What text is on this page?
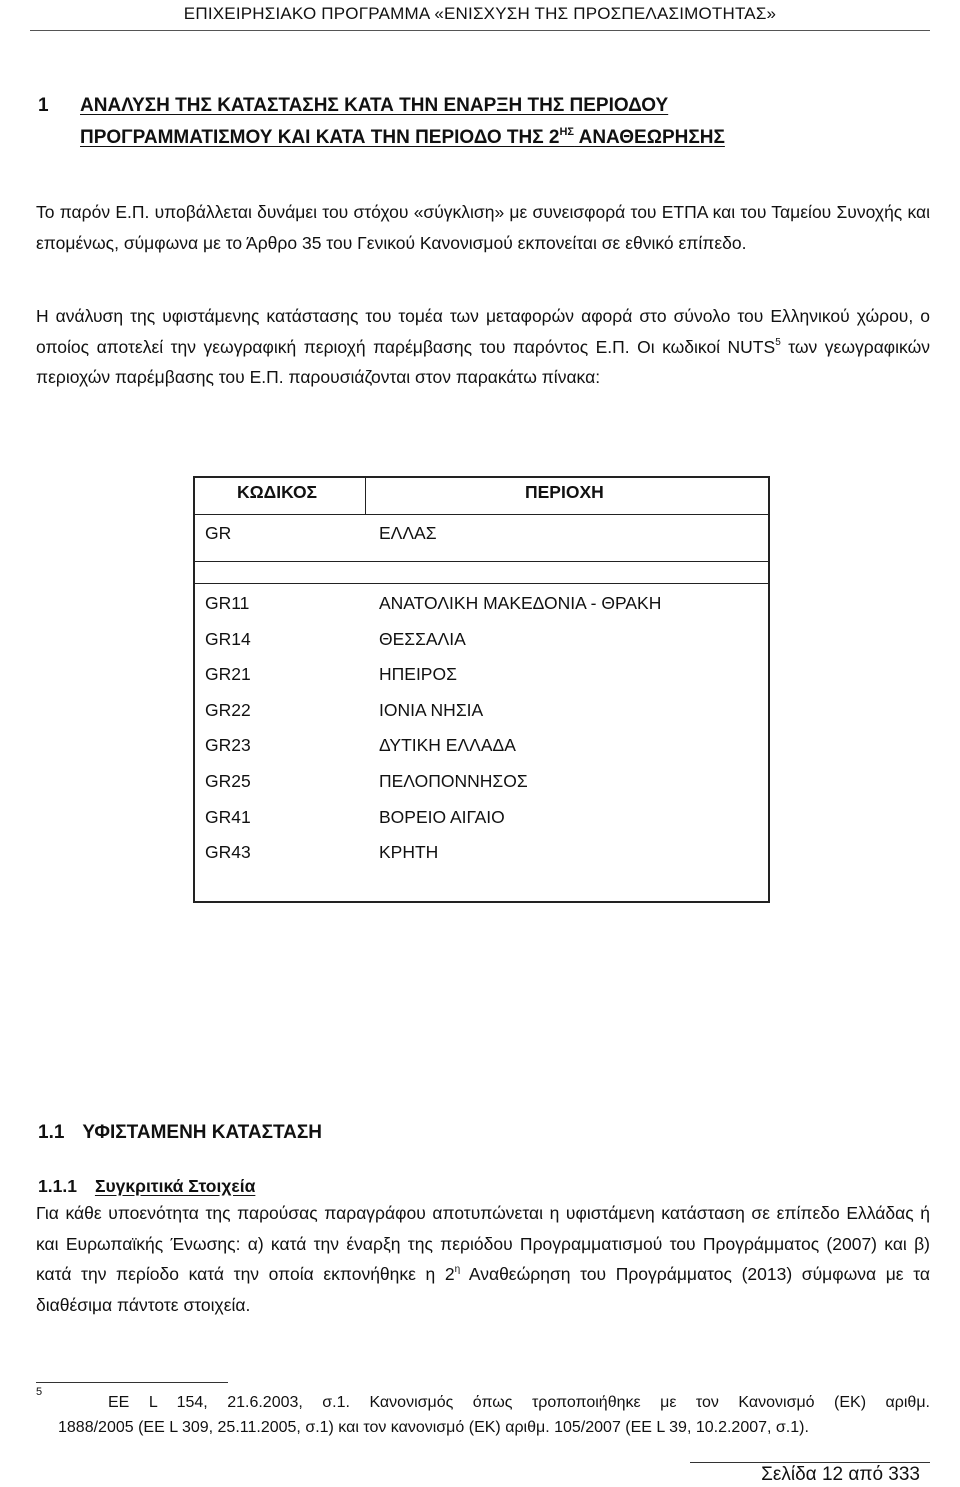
ΕΠΙΧΕΙΡΗΣΙΑΚΟ ΠΡΟΓΡΑΜΜΑ «ΕΝΙΣΧΥΣΗ ΤΗΣ ΠΡΟΣΠΕΛΑΣΙΜΟΤΗΤΑΣ»
1 ΑΝΑΛΥΣΗ ΤΗΣ ΚΑΤΑΣΤΑΣΗΣ ΚΑΤΑ ΤΗΝ ΕΝΑΡΞΗ ΤΗΣ ΠΕΡΙΟΔΟΥ
ΠΡΟΓΡΑΜΜΑΤΙΣΜΟΥ ΚΑΙ ΚΑΤΑ ΤΗΝ ΠΕΡΙΟΔΟ ΤΗΣ $2^{H\Sigma}$ ΑΝΑΘΕΩΡΗΣΗΣ
Το παρόν Ε.Π. υποβάλλεται δυνάμει του στόχου «σύγκλιση» με συνεισφορά του ΕΤΠΑ και του Ταμείου Συνοχής και επομένως, σύμφωνα με το Άρθρο 35 του Γενικού Κανονισμού εκπονείται σε εθνικό επίπεδο.
Η ανάλυση της υφιστάμενης κατάστασης του τομέα των μεταφορών αφορά στο σύνολο του Ελληνικού χώρου, ο οποίος αποτελεί την γεωγραφική περιοχή παρέμβασης του παρόντος Ε.Π. Οι κωδικοί NUTS$^5$ των γεωγραφικών περιοχών παρέμβασης του Ε.Π. παρουσιάζονται στον παρακάτω πίνακα:
ΚΩΔΙΚΟΣ	ΠΕΡΙΟΧΗ
GR	ΕΛΛΑΣ
GR11	ΑΝΑΤΟΛΙΚΗ ΜΑΚΕΔΟΝΙΑ - ΘΡΑΚΗ
GR14	ΘΕΣΣΑΛΙΑ
GR21	ΗΠΕΙΡΟΣ
GR22	ΙΟΝΙΑ ΝΗΣΙΑ
GR23	ΔΥΤΙΚΗ ΕΛΛΑΔΑ
GR25	ΠΕΛΟΠΟΝΝΗΣΟΣ
GR41	ΒΟΡΕΙΟ ΑΙΓΑΙΟ
GR43	ΚΡΗΤΗ
1.1 ΥΦΙΣΤΑΜΕΝΗ ΚΑΤΑΣΤΑΣΗ
1.1.1 Συγκριτικά Στοιχεία
Για κάθε υποενότητα της παρούσας παραγράφου αποτυπώνεται η υφιστάμενη κατάσταση σε επίπεδο Ελλάδας ή και Ευρωπαϊκής Ένωσης: α) κατά την έναρξη της περιόδου Προγραμματισμού του Προγράμματος (2007) και β) κατά την περίοδο κατά την οποία εκπονήθηκε η $2^\eta$ Αναθεώρηση του Προγράμματος (2013) σύμφωνα με τα διαθέσιμα πάντοτε στοιχεία.
5
ΕΕ L 154, 21.6.2003, σ.1. Κανονισμός όπως τροποποιήθηκε με τον Κανονισμό (ΕΚ) αριθμ.
1888/2005 (ΕΕ L 309, 25.11.2005, σ.1) και τον κανονισμό (ΕΚ) αριθμ. 105/2007 (ΕΕ L 39, 10.2.2007, σ.1).
Σελίδα 12 από 333
